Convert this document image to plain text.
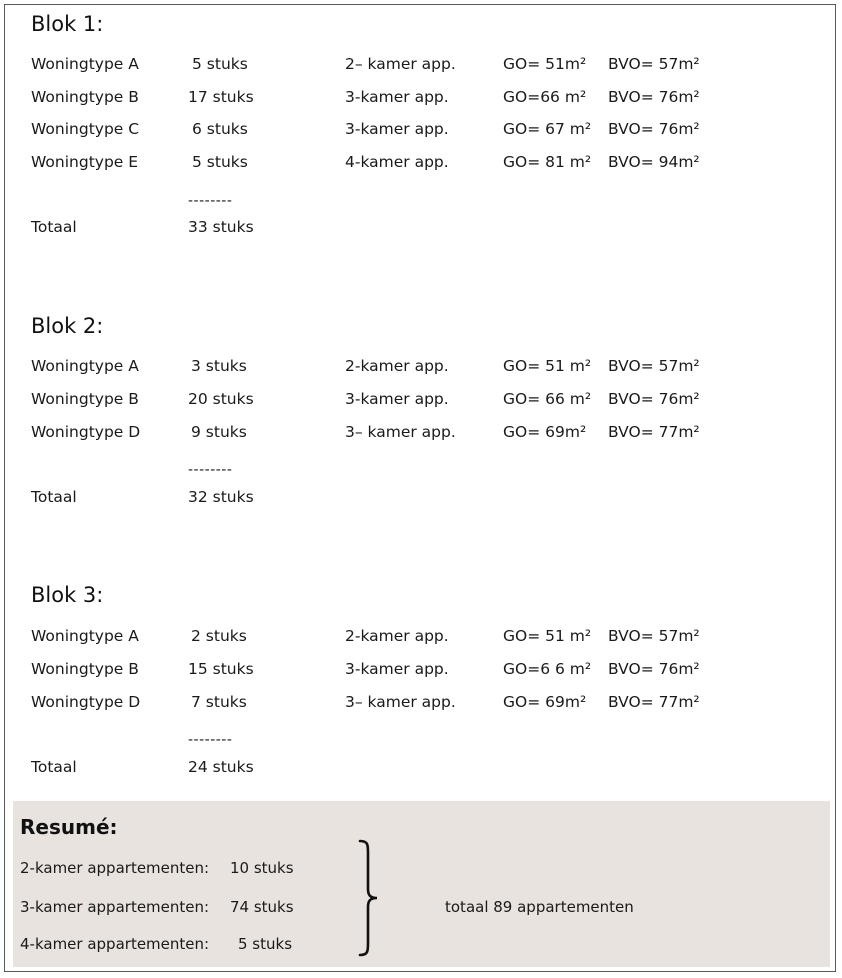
Blok 1:
Woningtype A	5 stuks	2– kamer app.	GO= 51m² BVO= 57m²
Woningtype B	17 stuks	3-kamer app.	GO=66 m² BVO= 76m²
Woningtype C	6 stuks	3-kamer app.	GO= 67 m² BVO= 76m²
Woningtype E	5 stuks	4-kamer app.	GO= 81 m² BVO= 94m²
--------
Totaal	33 stuks
Blok 2:
Woningtype A	3 stuks	2-kamer app.	GO= 51 m² BVO= 57m²
Woningtype B	20 stuks	3-kamer app.	GO= 66 m² BVO= 76m²
Woningtype D	9 stuks	3– kamer app.	GO= 69m² BVO= 77m²
--------
Totaal	32 stuks
Blok 3:
Woningtype A	2 stuks	2-kamer app.	GO= 51 m² BVO= 57m²
Woningtype B	15 stuks	3-kamer app.	GO=6 6 m² BVO= 76m²
Woningtype D	7 stuks	3– kamer app.	GO= 69m² BVO= 77m²
--------
Totaal	24 stuks
Resumé:
2-kamer appartementen: 10 stuks
3-kamer appartementen: 74 stuks
4-kamer appartementen: 5 stuks
totaal 89 appartementen
